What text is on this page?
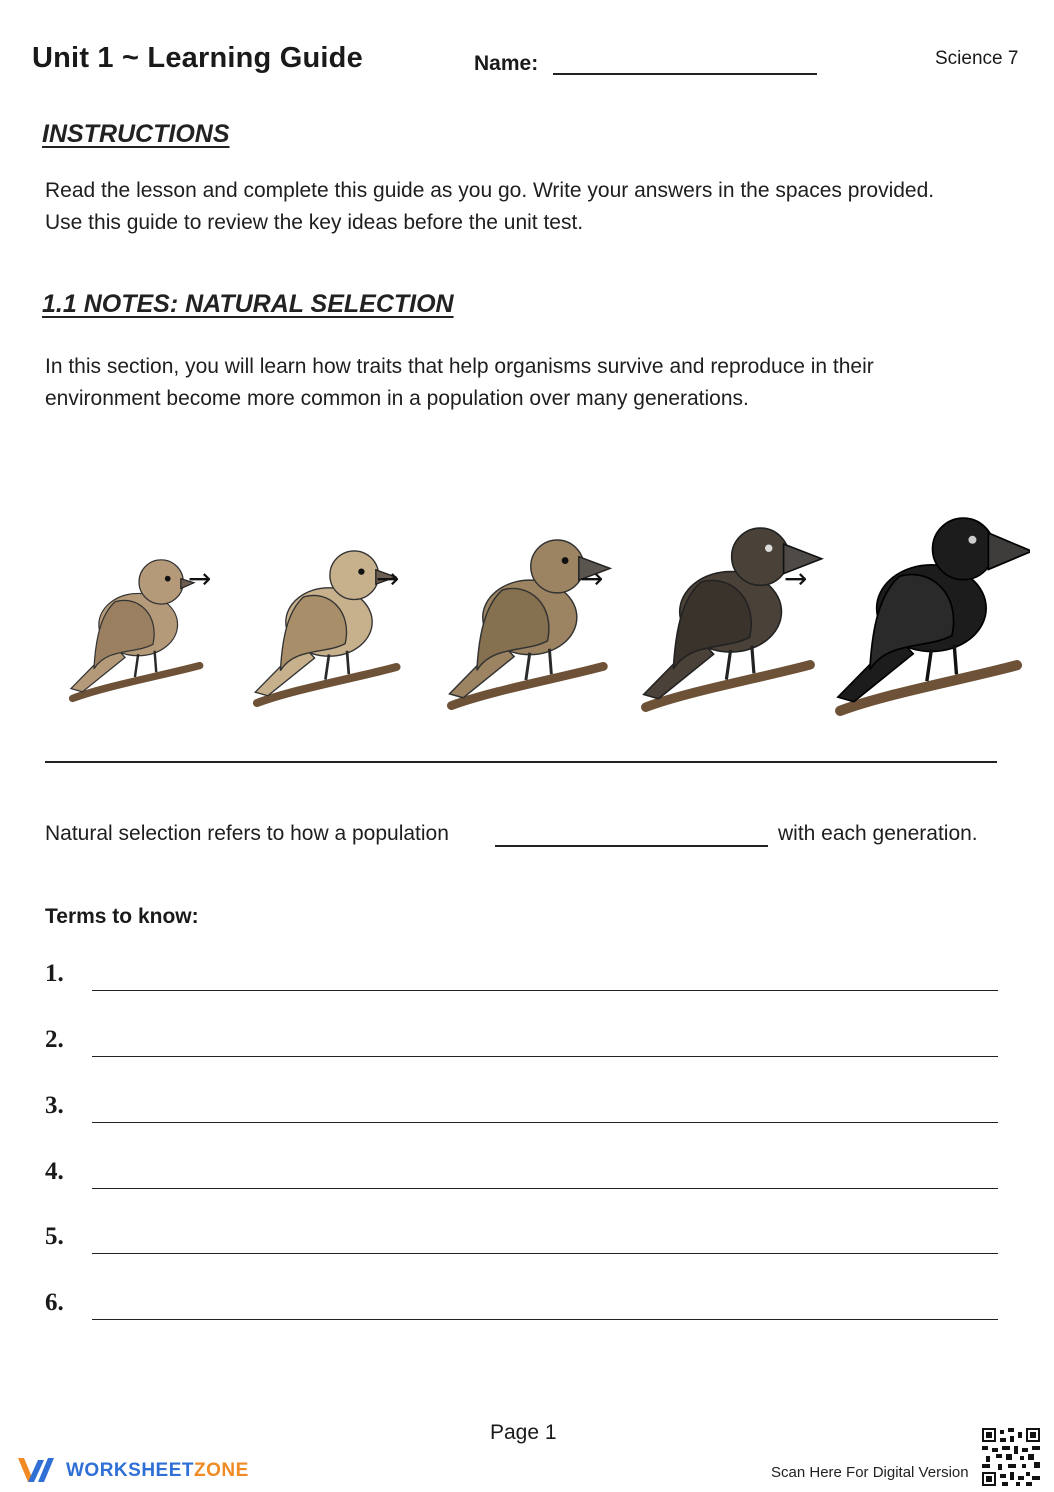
Unit 1 ~ Learning Guide	Name:	Science 7
INSTRUCTIONS
Read the lesson and complete this guide as you go. Write your answers in the spaces provided. Use this guide to review the key ideas before the unit test.
1.1 NOTES: NATURAL SELECTION
In this section, you will learn how traits that help organisms survive and reproduce in their environment become more common in a population over many generations.
→	→	→	→
Natural selection refers to how a population	with each generation.
Terms to know:
1.
2.
3.
4.
5.
6.
Page 1
WORKSHEETZONE	Scan Here For Digital Version
